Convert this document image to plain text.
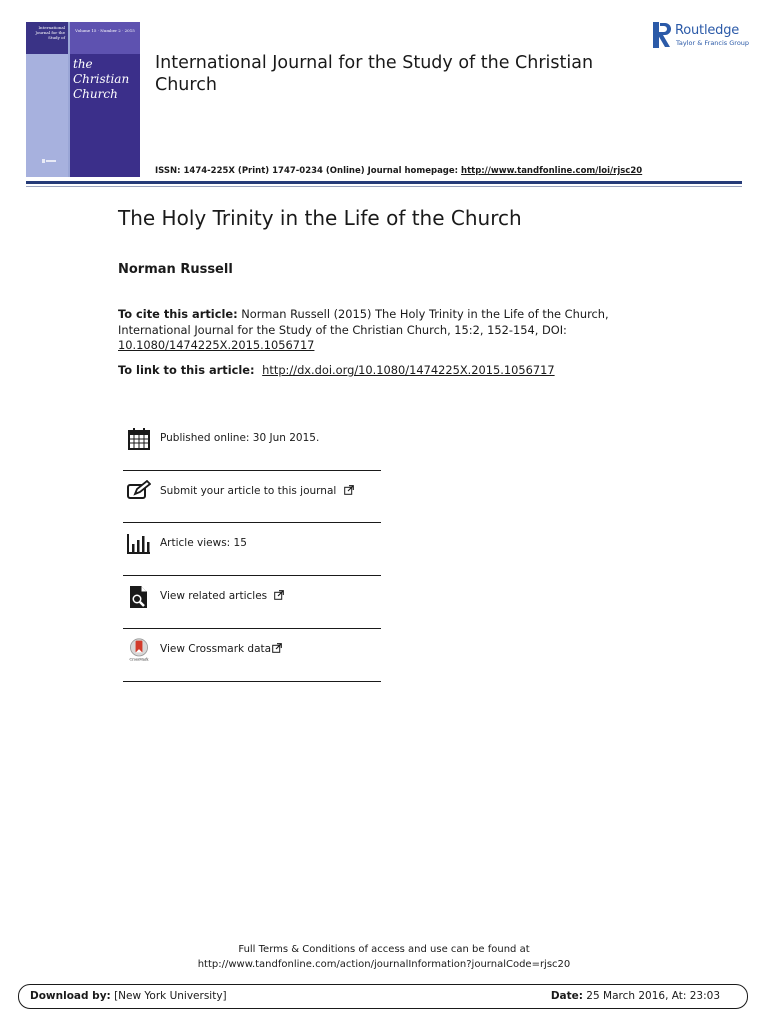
International Journal for the Study of
Volume 15 · Number 2 · 2015
the
Christian
Church
International Journal for the Study of the Christian Church
Routledge
Taylor & Francis Group
ISSN: 1474-225X (Print) 1747-0234 (Online) Journal homepage: http://www.tandfonline.com/loi/rjsc20
The Holy Trinity in the Life of the Church
Norman Russell
To cite this article: Norman Russell (2015) The Holy Trinity in the Life of the Church, International Journal for the Study of the Christian Church, 15:2, 152-154, DOI: 10.1080/1474225X.2015.1056717
To link to this article: http://dx.doi.org/10.1080/1474225X.2015.1056717
Published online: 30 Jun 2015.
Submit your article to this journal
Article views: 15
View related articles
CrossMark
View Crossmark data
Full Terms & Conditions of access and use can be found at
http://www.tandfonline.com/action/journalInformation?journalCode=rjsc20
Download by: [New York University]	Date: 25 March 2016, At: 23:03
